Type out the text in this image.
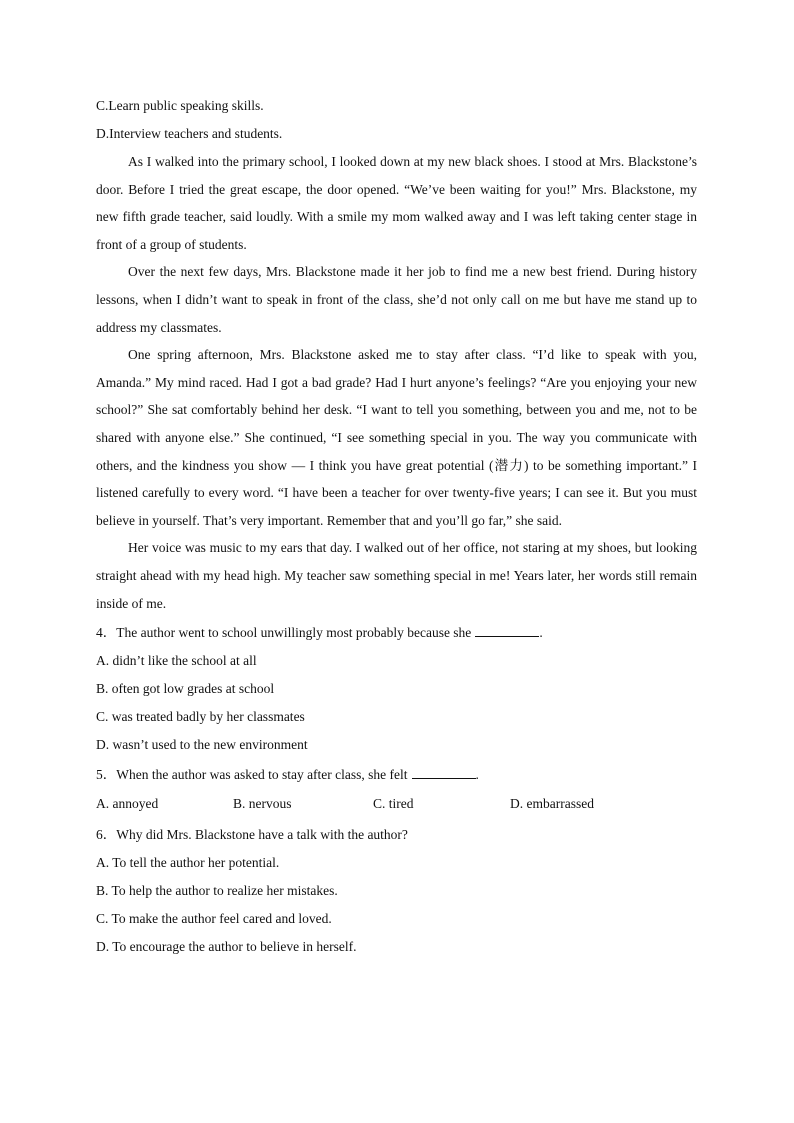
C.Learn public speaking skills.
D.Interview teachers and students.

As I walked into the primary school, I looked down at my new black shoes. I stood at Mrs. Blackstone’s door. Before I tried the great escape, the door opened. “We’ve been waiting for you!” Mrs. Blackstone, my new fifth grade teacher, said loudly. With a smile my mom walked away and I was left taking center stage in front of a group of students.

Over the next few days, Mrs. Blackstone made it her job to find me a new best friend. During history lessons, when I didn’t want to speak in front of the class, she’d not only call on me but have me stand up to address my classmates.

One spring afternoon, Mrs. Blackstone asked me to stay after class. “I’d like to speak with you, Amanda.” My mind raced. Had I got a bad grade? Had I hurt anyone’s feelings? “Are you enjoying your new school?” She sat comfortably behind her desk. “I want to tell you something, between you and me, not to be shared with anyone else.” She continued, “I see something special in you. The way you communicate with others, and the kindness you show — I think you have great potential (潜力) to be something important.” I listened carefully to every word. “I have been a teacher for over twenty-five years; I can see it. But you must believe in yourself. That’s very important. Remember that and you’ll go far,” she said.

Her voice was music to my ears that day. I walked out of her office, not staring at my shoes, but looking straight ahead with my head high. My teacher saw something special in me! Years later, her words still remain inside of me.

4．The author went to school unwillingly most probably because she	.
A. didn’t like the school at all
B. often got low grades at school
C. was treated badly by her classmates
D. wasn’t used to the new environment
5．When the author was asked to stay after class, she felt	.
A. annoyed	B. nervous	C. tired	D. embarrassed
6．Why did Mrs. Blackstone have a talk with the author?
A. To tell the author her potential.
B. To help the author to realize her mistakes.
C. To make the author feel cared and loved.
D. To encourage the author to believe in herself.
